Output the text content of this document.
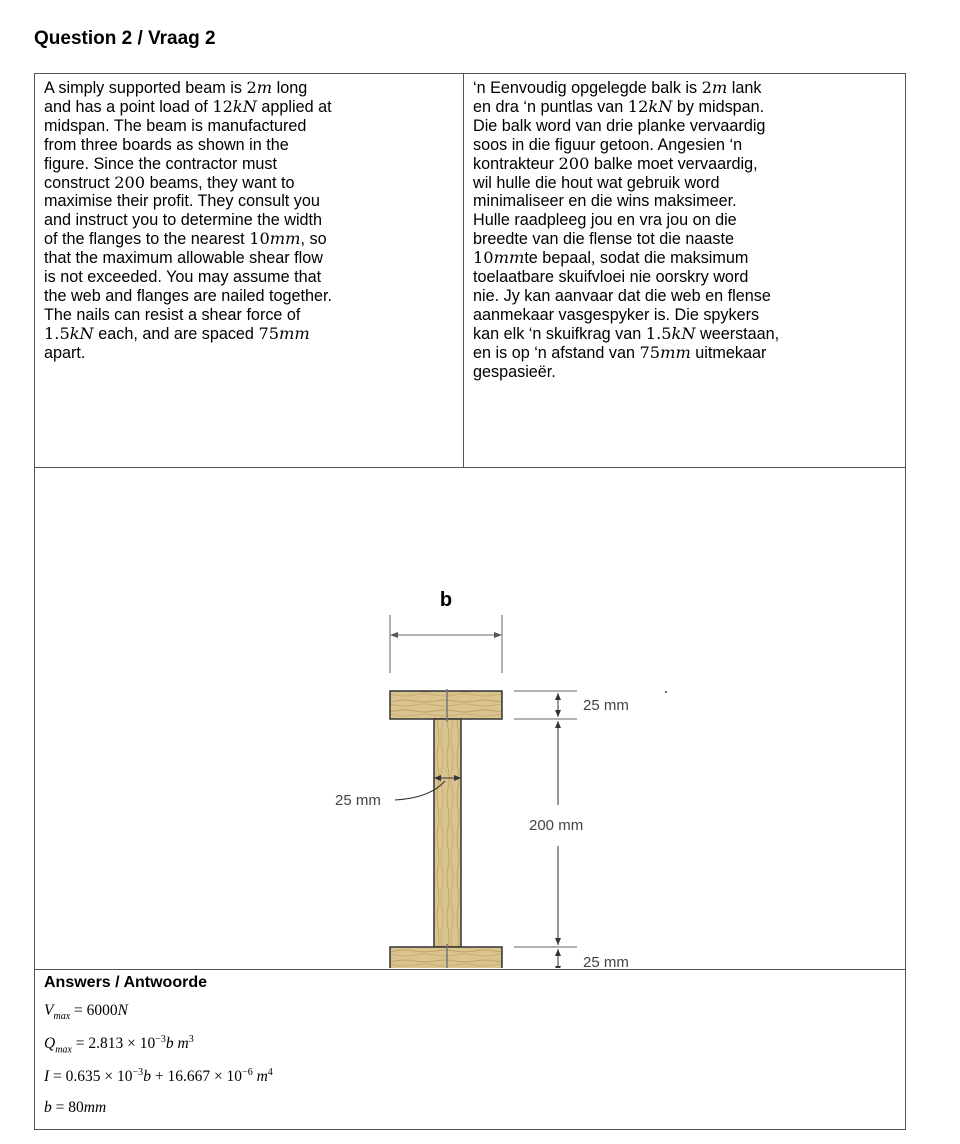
Question 2 / Vraag 2
A simply supported beam is 2m long
and has a point load of 12kN applied at
midspan. The beam is manufactured
from three boards as shown in the
figure. Since the contractor must
construct 200 beams, they want to
maximise their profit. They consult you
and instruct you to determine the width
of the flanges to the nearest 10mm, so
that the maximum allowable shear flow
is not exceeded. You may assume that
the web and flanges are nailed together.
The nails can resist a shear force of
1.5kN each, and are spaced 75mm
apart.
‘n Eenvoudig opgelegde balk is 2m lank
en dra ‘n puntlas van 12kN by midspan.
Die balk word van drie planke vervaardig
soos in die figuur getoon. Angesien ‘n
kontrakteur 200 balke moet vervaardig,
wil hulle die hout wat gebruik word
minimaliseer en die wins maksimeer.
Hulle raadpleeg jou en vra jou on die
breedte van die flense tot die naaste
10mmte bepaal, sodat die maksimum
toelaatbare skuifvloei nie oorskry word
nie. Jy kan aanvaar dat die web en flense
aanmekaar vasgespyker is. Die spykers
kan elk ‘n skuifkrag van 1.5kN weerstaan,
en is op ‘n afstand van 75mm uitmekaar
gespasieër.
b
25 mm
25 mm
200 mm
25 mm
Answers / Antwoorde
$V_{max} = 6000N$
$Q_{max} = 2.813 \times 10^{-3}b$ $m^3$
$I = 0.635 \times 10^{-3}b + 16.667 \times 10^{-6}$ $m^4$
b = 80mm
